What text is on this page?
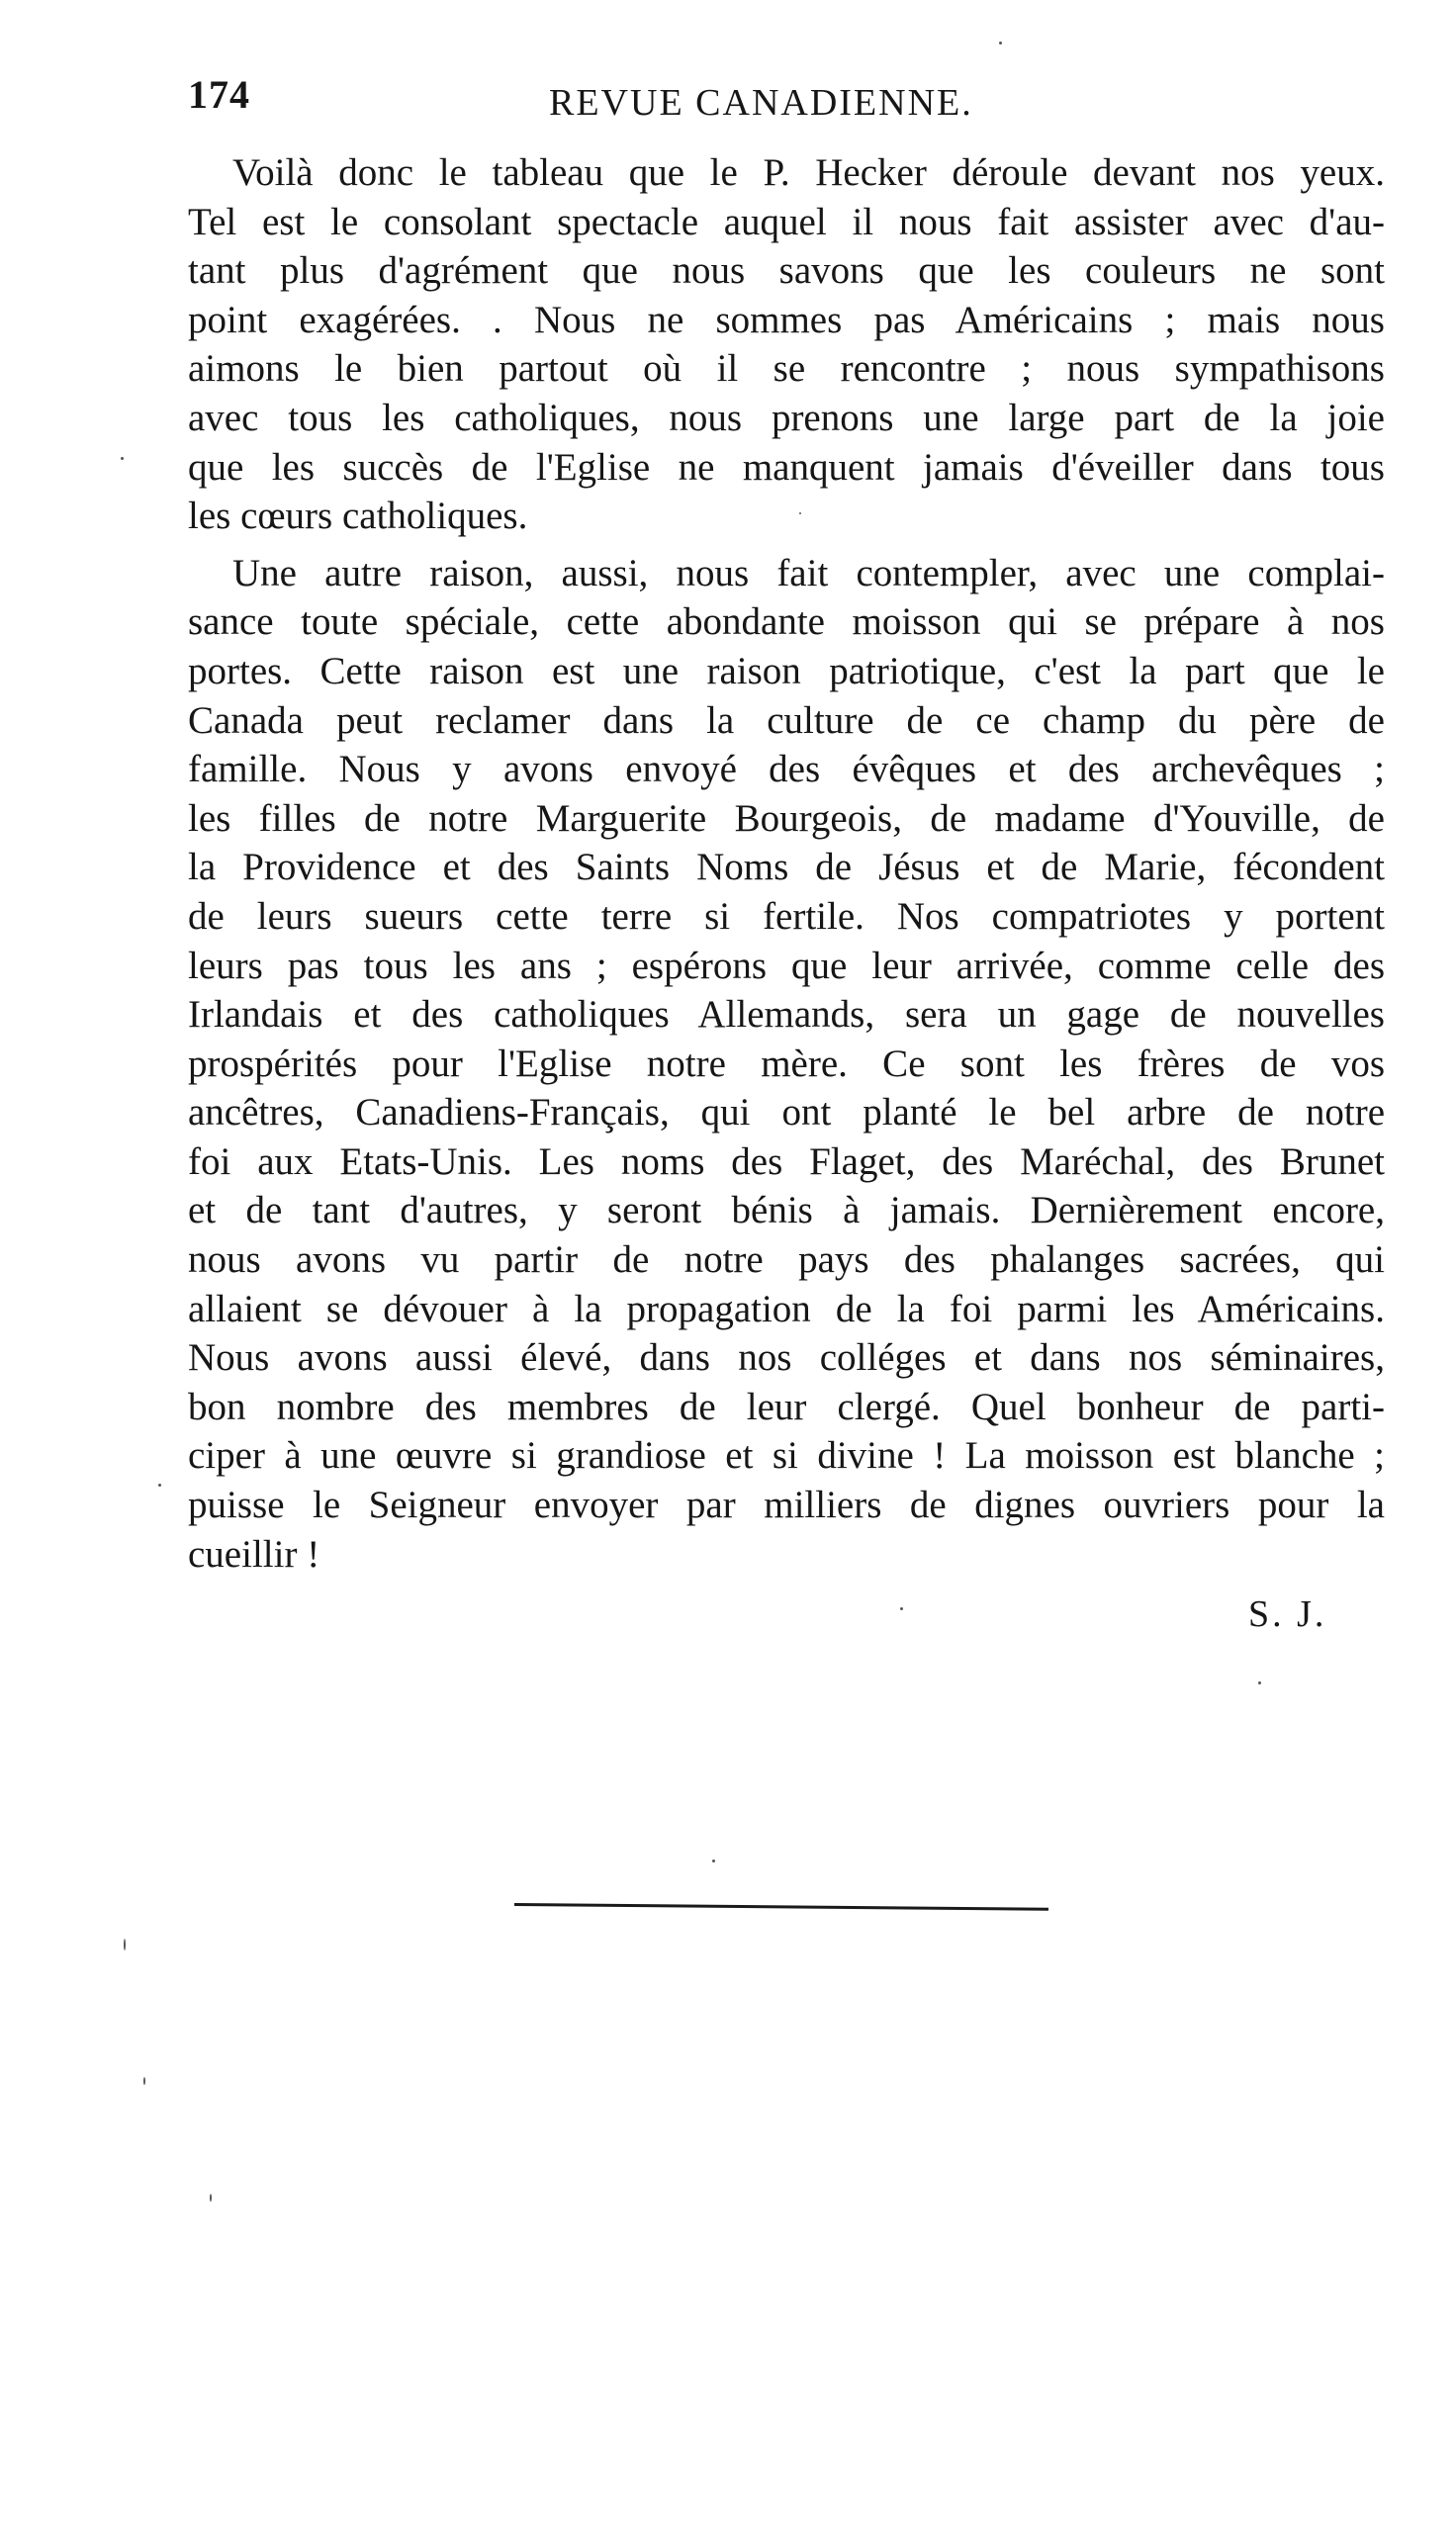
174	REVUE CANADIENNE.
Voilà donc le tableau que le P. Hecker déroule devant nos yeux.
Tel est le consolant spectacle auquel il nous fait assister avec d'au-
tant plus d'agrément que nous savons que les couleurs ne sont
point exagérées. . Nous ne sommes pas Américains ; mais nous
aimons le bien partout où il se rencontre ; nous sympathisons
avec tous les catholiques, nous prenons une large part de la joie
que les succès de l'Eglise ne manquent jamais d'éveiller dans tous
les cœurs catholiques.
Une autre raison, aussi, nous fait contempler, avec une complai-
sance toute spéciale, cette abondante moisson qui se prépare à nos
portes. Cette raison est une raison patriotique, c'est la part que le
Canada peut reclamer dans la culture de ce champ du père de
famille. Nous y avons envoyé des évêques et des archevêques ;
les filles de notre Marguerite Bourgeois, de madame d'Youville, de
la Providence et des Saints Noms de Jésus et de Marie, fécondent
de leurs sueurs cette terre si fertile. Nos compatriotes y portent
leurs pas tous les ans ; espérons que leur arrivée, comme celle des
Irlandais et des catholiques Allemands, sera un gage de nouvelles
prospérités pour l'Eglise notre mère. Ce sont les frères de vos
ancêtres, Canadiens-Français, qui ont planté le bel arbre de notre
foi aux Etats-Unis. Les noms des Flaget, des Maréchal, des Brunet
et de tant d'autres, y seront bénis à jamais. Dernièrement encore,
nous avons vu partir de notre pays des phalanges sacrées, qui
allaient se dévouer à la propagation de la foi parmi les Américains.
Nous avons aussi élevé, dans nos colléges et dans nos séminaires,
bon nombre des membres de leur clergé. Quel bonheur de parti-
ciper à une œuvre si grandiose et si divine ! La moisson est blanche ;
puisse le Seigneur envoyer par milliers de dignes ouvriers pour la
cueillir !
S. J.
